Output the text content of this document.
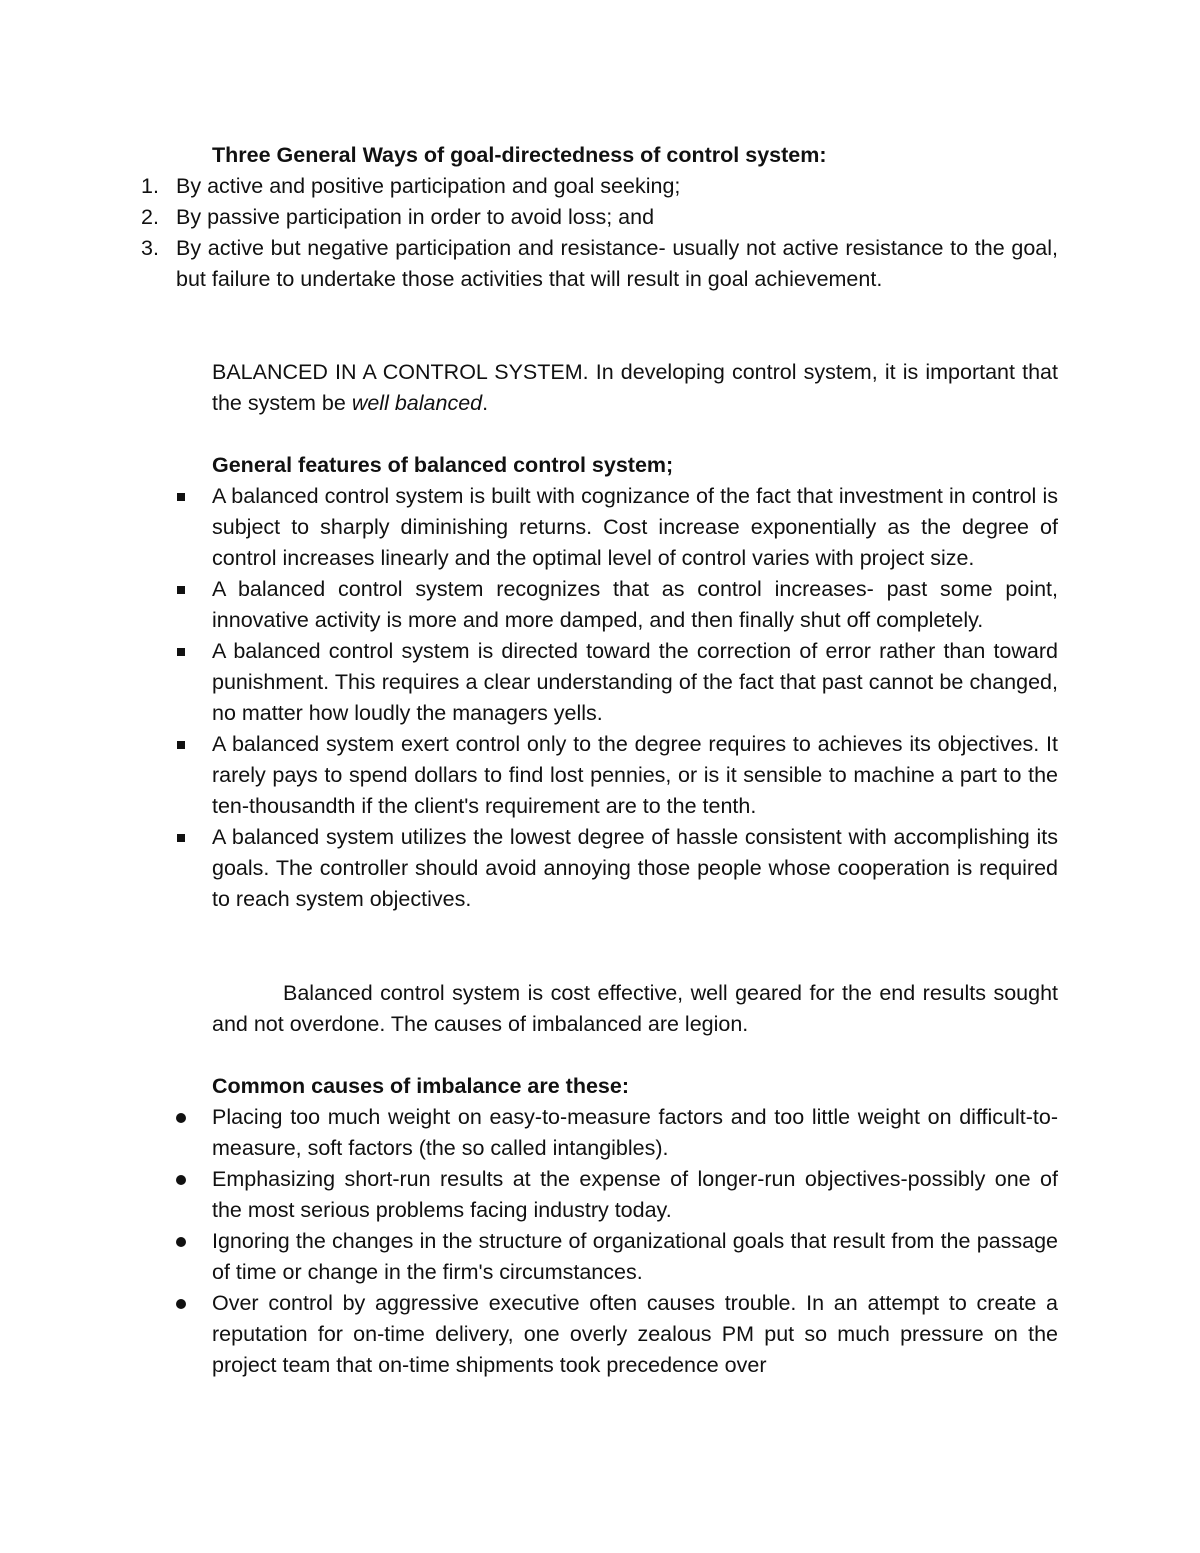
Three General Ways of goal-directedness of control system:
1. By active and positive participation and goal seeking;
2. By passive participation in order to avoid loss; and
3. By active but negative participation and resistance- usually not active resistance to the goal, but failure to undertake those activities that will result in goal achievement.

BALANCED IN A CONTROL SYSTEM. In developing control system, it is important that the system be well balanced.

General features of balanced control system;
A balanced control system is built with cognizance of the fact that investment in control is subject to sharply diminishing returns. Cost increase exponentially as the degree of control increases linearly and the optimal level of control varies with project size.
A balanced control system recognizes that as control increases- past some point, innovative activity is more and more damped, and then finally shut off completely.
A balanced control system is directed toward the correction of error rather than toward punishment. This requires a clear understanding of the fact that past cannot be changed, no matter how loudly the managers yells.
A balanced system exert control only to the degree requires to achieves its objectives. It rarely pays to spend dollars to find lost pennies, or is it sensible to machine a part to the ten-thousandth if the client's requirement are to the tenth.
A balanced system utilizes the lowest degree of hassle consistent with accomplishing its goals. The controller should avoid annoying those people whose cooperation is required to reach system objectives.

Balanced control system is cost effective, well geared for the end results sought and not overdone. The causes of imbalanced are legion.

Common causes of imbalance are these:
Placing too much weight on easy-to-measure factors and too little weight on difficult-to-measure, soft factors (the so called intangibles).
Emphasizing short-run results at the expense of longer-run objectives-possibly one of the most serious problems facing industry today.
Ignoring the changes in the structure of organizational goals that result from the passage of time or change in the firm's circumstances.
Over control by aggressive executive often causes trouble. In an attempt to create a reputation for on-time delivery, one overly zealous PM put so much pressure on the project team that on-time shipments took precedence over
